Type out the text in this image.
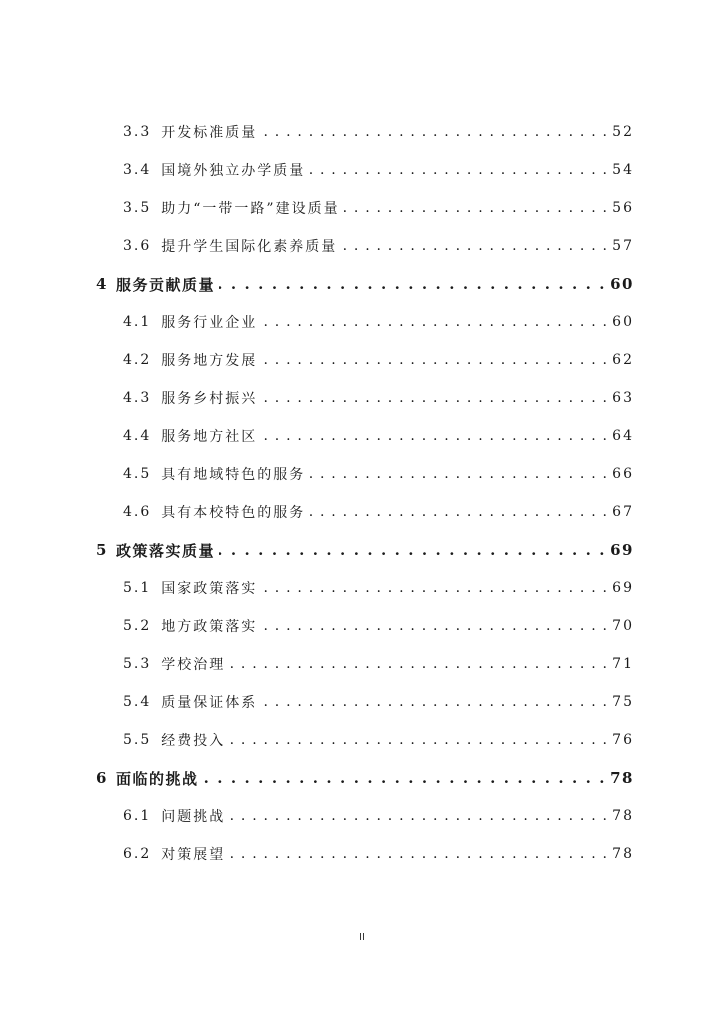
3.3 开发标准质量 . . .	52
3.4 国境外独立办学质量 . . .	54
3.5 助力“一带一路”建设质量 . . .	56
3.6 提升学生国际化素养质量 . . .	57
4 服务贡献质量 . . .	60
4.1 服务行业企业 . . .	60
4.2 服务地方发展 . . .	62
4.3 服务乡村振兴 . . .	63
4.4 服务地方社区 . . .	64
4.5 具有地域特色的服务 . . .	66
4.6 具有本校特色的服务 . . .	67
5 政策落实质量 . . .	69
5.1 国家政策落实 . . .	69
5.2 地方政策落实 . . .	70
5.3 学校治理 . . .	71
5.4 质量保证体系 . . .	75
5.5 经费投入 . . .	76
6 面临的挑战 . . .	78
6.1 问题挑战 . . .	78
6.2 对策展望 . . .	78
II
